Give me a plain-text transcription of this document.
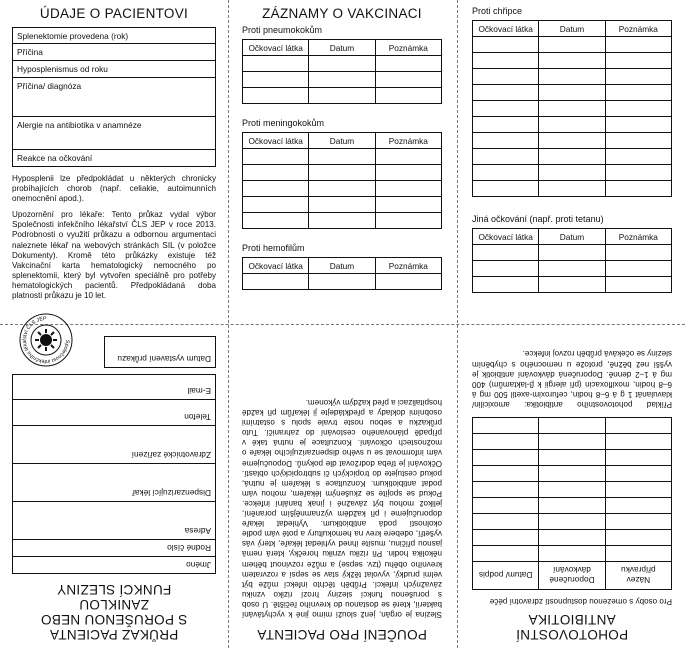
ÚDAJE O PACIENTOVI
Splenektomie provedena (rok)
Příčina
Hyposplenismus od roku
Příčina/ diagnóza
Alergie na antibiotika v anamnéze
Reakce na očkování

Hyposplenii lze předpokládat u některých chronicky probíhajících chorob (např. celiakie, autoimunních onemocnění apod.).

Upozornění pro lékaře: Tento průkaz vydal výbor Společnosti infekčního lékařství ČLS JEP v roce 2013. Podrobnosti o využití průkazu a odbornou argumentaci naleznete lékař na webových stránkách SIL (v položce Dokumenty). Kromě této průkázky existuje též Vakcinační karta hematologický nemocného po splenektomii, který byl vytvořen speciálně pro potřeby hematologických pacientů. Předpokládaná doba platnosti průkazu je 10 let.

ZÁZNAMY O VAKCINACI
Proti pneumokokům
Očkovací látka	Datum	Poznámka

Proti meningokokům
Očkovací látka	Datum	Poznámka

Proti hemofilům
Očkovací látka	Datum	Poznámka

Proti chřipce
Očkovací látka	Datum	Poznámka

Jiná očkování (např. proti tetanu)
Očkovací látka	Datum	Poznámka

PRŮKAZ PACIENTA
S PORUŠENOU NEBO ZANIKLOU
FUNKCÍ SLEZINY
Jméno
Rodné číslo
Adresa
Dispenzarizující lékař
Zdravotnické zařízení
Telefon
E-mail
Datum vystavení průkazu
Společnost infekčního lékařství ČLS JEP
POUČENÍ PRO PACIENTA

Slezina je orgán, jenž slouží mimo jiné k vychytávání bakterií, které se dostanou do krevního řečiště. U osob s porušenou funkcí sleziny hrozí riziko vzniku závažných infekcí. Průběh těchto infekcí může být velmi prudký, vyvolat těžký stav se sepsí a rozvratem krevního oběhu (tzv. sepse) a může rozvinout během několika hodin. Při riziku vzniku horečky, která nemá jasnou příčinu, musíte ihned vyhledat lékaře, který vás vyšetří, odebere krev na hemokultury a poté vám podle okolností podá antibiotikum. Vyhledat lékaře doporučujeme i při každém významnějším poranění, jelikož mohou být závažné i jinak banální infekce. Pokud se spojíte se zkušeným lékařem, mohou vám podat antibiotikum. Konzultace s lékařem je nutná, pokud cestujete do tropických či subtropických oblastí. Očkování je třeba dodržovat dle pokynů. Dopoučujeme vám informovat se u svého dispenzarizujícího lékaře o možnostech očkování. Konzultace je nutná také v případě plánovaného cestování do zahraničí. Tuto průkazku a sebou noste trvale spolu s ostatními osobními doklady a předkládejte ji lékařům při každé hospitalizaci a před každým výkonem.

POHOTOVOSTNÍ ANTIBIOTIKA

Pro osoby s omezenou dostupností zdravotní péče

Název přípravku	Doporučené dávkování	Datum/ podpis

Příklad pohotovostního antibiotika: amoxicilin/ klavulanát 1 g á 6–8 hodin, cefuroxim-axetil 500 mg á 6–8 hodin, moxifloxacin (při alergii k β-laktamům) 400 mg á 1–2 denně. Doporučená dávkování antibiotik je vyšší než běžně, protože u nemocného s chyběním sleziny se očekává průběh rozvoj infekce.
